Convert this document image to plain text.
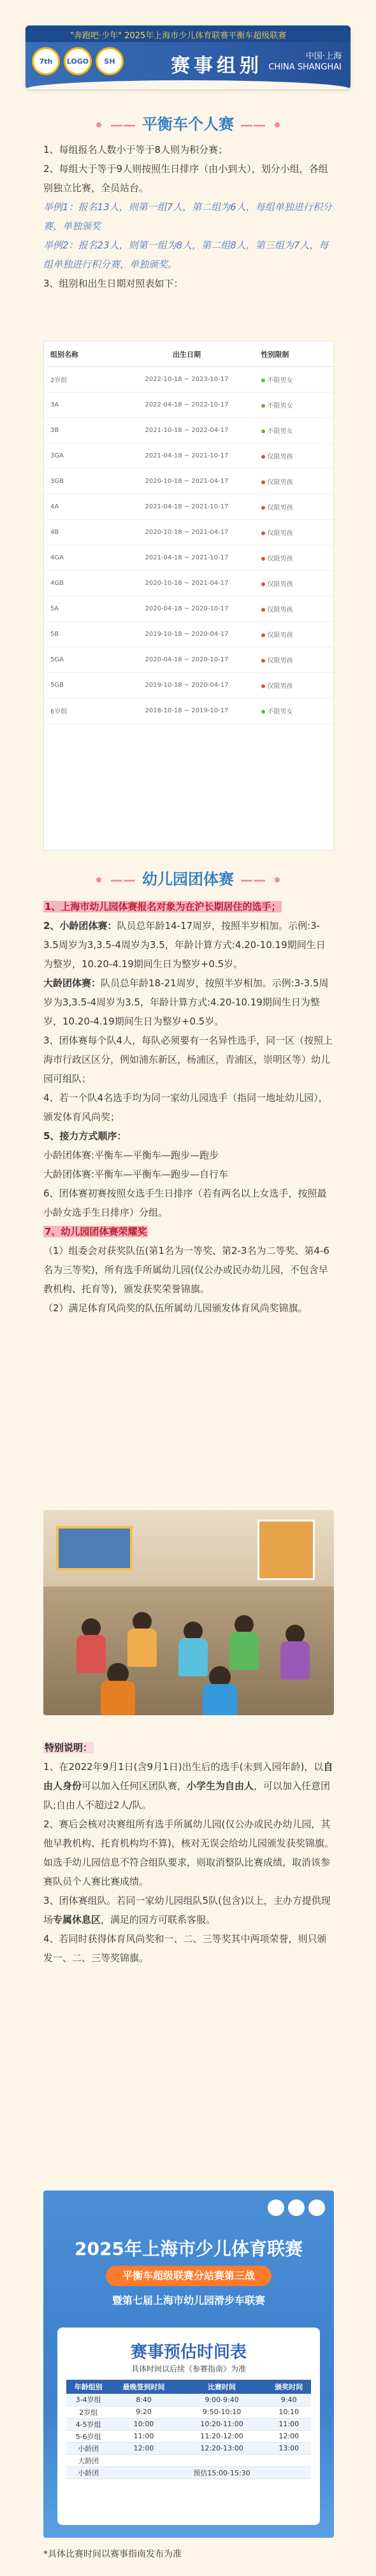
"奔跑吧·少年" 2025年上海市少儿体育联赛平衡车超级联赛
7th	LOGO	SH	赛事组别	中国·上海
CHINA SHANGHAI
—— 平衡车个人赛 ——

1、每组报名人数小于等于8人则为积分赛；

2、每组大于等于9人则按照生日排序（由小到大），划分小组，各组别独立比赛，全员站台。

举例1：报名13人，则第一组7人，第二组为6人，每组单独进行积分赛，单独颁奖

举例2：报名23人，则第一组为8人，第二组8人，第三组为7人，每组单独进行积分赛，单独颁奖。

3、组别和出生日期对照表如下：

组别名称	出生日期	性别限制
2岁组	2022-10-18 ~ 2023-10-17	不限男女
3A	2022-04-18 ~ 2022-10-17	不限男女
3B	2021-10-18 ~ 2022-04-17	不限男女
3GA	2021-04-18 ~ 2021-10-17	仅限男孩
3GB	2020-10-18 ~ 2021-04-17	仅限男孩
4A	2021-04-18 ~ 2021-10-17	仅限男孩
4B	2020-10-18 ~ 2021-04-17	仅限男孩
4GA	2021-04-18 ~ 2021-10-17	仅限男孩
4GB	2020-10-18 ~ 2021-04-17	仅限男孩
5A	2020-04-18 ~ 2020-10-17	仅限男孩
5B	2019-10-18 ~ 2020-04-17	仅限男孩
5GA	2020-04-18 ~ 2020-10-17	仅限男孩
5GB	2019-10-18 ~ 2020-04-17	仅限男孩
6岁组	2018-10-18 ~ 2019-10-17	不限男女
—— 幼儿园团体赛 ——

1、上海市幼儿园体赛报名对象为在沪长期居住的选手；

2、小龄团体赛：队员总年龄14-17周岁，按照半岁相加。示例:3-3.5周岁为3,3.5-4周岁为3.5，年龄计算方式:4.20-10.19期间生日为整岁，10.20-4.19期间生日为整岁+0.5岁。

大龄团体赛：队员总年龄18-21周岁，按照半岁相加。示例:3-3.5周岁为3,3.5-4周岁为3.5，年龄计算方式:4.20-10.19期间生日为整岁，10.20-4.19期间生日为整岁+0.5岁。

3、团体赛每个队4人，每队必须要有一名异性选手，同一区（按照上海市行政区区分，例如浦东新区，杨浦区，青浦区，崇明区等）幼儿园可组队；

4、若一个队4名选手均为同一家幼儿园选手（指同一地址幼儿园），颁发体育风尚奖；

5、接力方式顺序：

小龄团体赛:平衡车—平衡车—跑步—跑步

大龄团体赛:平衡车—平衡车—跑步—自行车

6、团体赛初赛按照女选手生日排序（若有两名以上女选手，按照最小龄女选手生日排序）分组。

7、幼儿园团体赛荣耀奖

（1）组委会对获奖队伍(第1名为一等奖、第2-3名为二等奖、第4-6名为三等奖)，所有选手所属幼儿园(仅公办或民办幼儿园，不包含早教机构、托育等)，颁发获奖荣誉锦旗。

（2）满足体育风尚奖的队伍所属幼儿园颁发体育风尚奖锦旗。

特别说明：

1、在2022年9月1日(含9月1日)出生后的选手(未到入园年龄)，以自由人身份可以加入任何区团队赛，小学生为自由人，可以加入任意团队;自由人不超过2人/队。

2、赛后会核对决赛组所有选手所属幼儿园(仅公办或民办幼儿园，其他早教机构、托育机构均不算)，核对无误会给幼儿园颁发获奖锦旗。如选手幼儿园信息不符合组队要求，则取消整队比赛成绩，取消该参赛队员个人赛比赛成绩。

3、团体赛组队。若同一家幼儿园组队5队(包含)以上，主办方提供现场专属休息区，满足的园方可联系客服。

4、若同时获得体育风尚奖和一、二、三等奖其中两项荣誉，则只颁发一、二、三等奖锦旗。

2025年上海市少儿体育联赛
平衡车超级联赛分站赛第三战
暨第七届上海市幼儿园滑步车联赛
赛事预估时间表
具体时间以后续《参赛指南》为准
年龄组别	最晚签到时间	比赛时间	颁奖时间
3-4岁组	8:40	9:00-9:40	9:40
2岁组	9:20	9:50-10:10	10:10
4-5岁组	10:00	10:20-11:00	11:00
5-6岁组	11:00	11:20-12:00	12:00
小龄团	12:00	12:20-13:00	13:00
大龄团			
小龄团		预估15:00-15:30	
*具体比赛时间以赛事指南发布为准
